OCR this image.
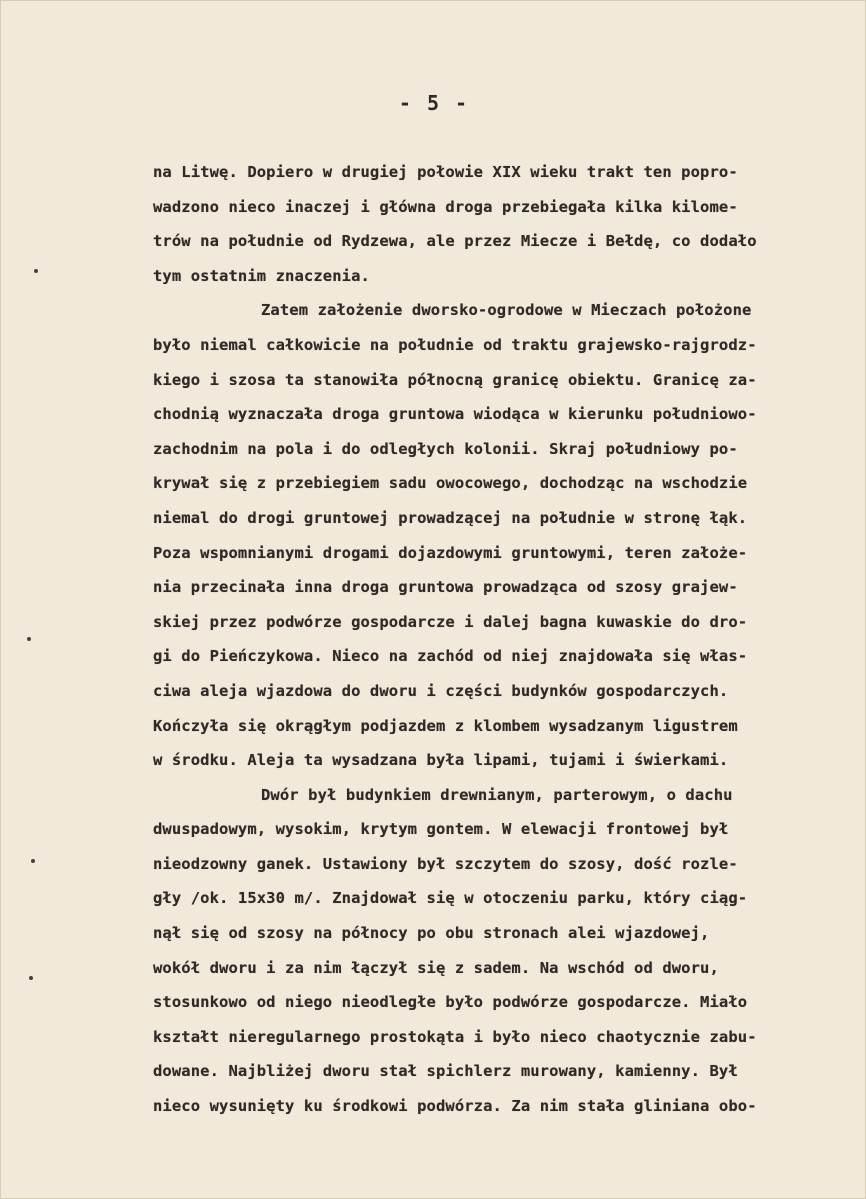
- 5 -
na Litwę. Dopiero w drugiej połowie XIX wieku trakt ten popro-
wadzono nieco inaczej i główna droga przebiegała kilka kilome-
trów na południe od Rydzewa, ale przez Miecze i Bełdę, co dodało
tym ostatnim znaczenia.
Zatem założenie dworsko-ogrodowe w Mieczach położone
było niemal całkowicie na południe od traktu grajewsko-rajgrodz-
kiego i szosa ta stanowiła północną granicę obiektu. Granicę za-
chodnią wyznaczała droga gruntowa wiodąca w kierunku południowo-
zachodnim na pola i do odległych kolonii. Skraj południowy po-
krywał się z przebiegiem sadu owocowego, dochodząc na wschodzie
niemal do drogi gruntowej prowadzącej na południe w stronę łąk.
Poza wspomnianymi drogami dojazdowymi gruntowymi, teren założe-
nia przecinała inna droga gruntowa prowadząca od szosy grajew-
skiej przez podwórze gospodarcze i dalej bagna kuwaskie do dro-
gi do Pieńczykowa. Nieco na zachód od niej znajdowała się włas-
ciwa aleja wjazdowa do dworu i części budynków gospodarczych.
Kończyła się okrągłym podjazdem z klombem wysadzanym ligustrem
w środku. Aleja ta wysadzana była lipami, tujami i świerkami.
Dwór był budynkiem drewnianym, parterowym, o dachu
dwuspadowym, wysokim, krytym gontem. W elewacji frontowej był
nieodzowny ganek. Ustawiony był szczytem do szosy, dość rozle-
gły /ok. 15x30 m/. Znajdował się w otoczeniu parku, który ciąg-
nął się od szosy na północy po obu stronach alei wjazdowej,
wokół dworu i za nim łączył się z sadem. Na wschód od dworu,
stosunkowo od niego nieodległe było podwórze gospodarcze. Miało
kształt nieregularnego prostokąta i było nieco chaotycznie zabu-
dowane. Najbliżej dworu stał spichlerz murowany, kamienny. Był
nieco wysunięty ku środkowi podwórza. Za nim stała gliniana obo-
